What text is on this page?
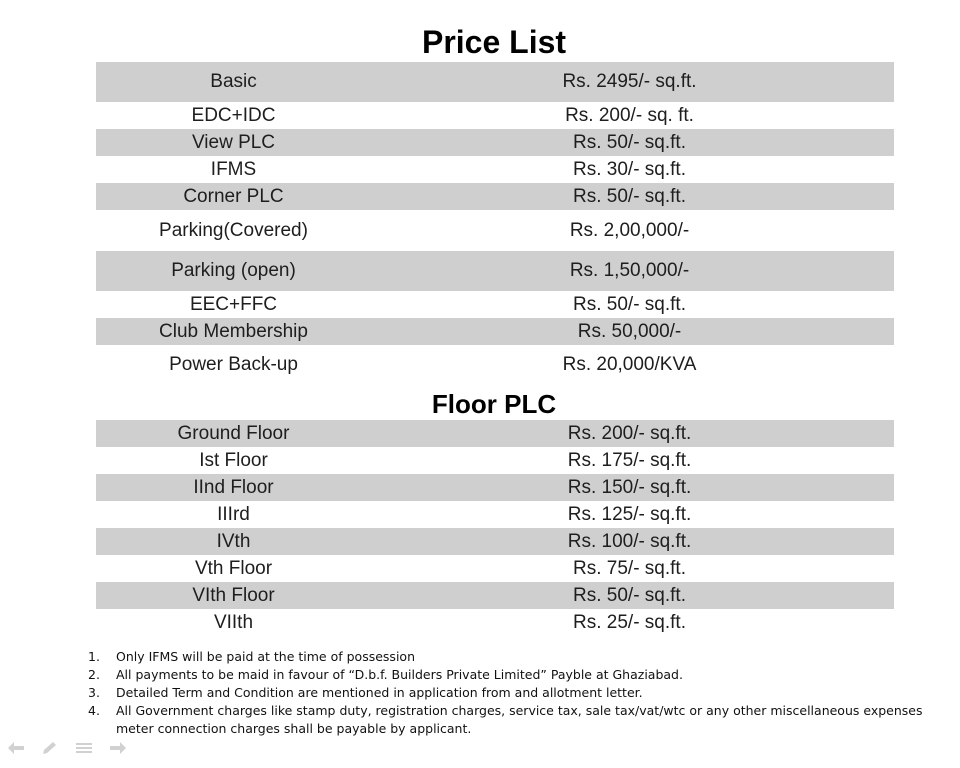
Price List
Basic	Rs. 2495/- sq.ft.
EDC+IDC	Rs. 200/- sq. ft.
View PLC	Rs. 50/- sq.ft.
IFMS	Rs. 30/- sq.ft.
Corner PLC	Rs. 50/- sq.ft.
Parking(Covered)	Rs. 2,00,000/-
Parking (open)	Rs. 1,50,000/-
EEC+FFC	Rs. 50/- sq.ft.
Club Membership	Rs. 50,000/-
Power Back-up	Rs. 20,000/KVA
Floor PLC
Ground Floor	Rs. 200/- sq.ft.
Ist Floor	Rs. 175/- sq.ft.
IInd Floor	Rs. 150/- sq.ft.
IIIrd	Rs. 125/- sq.ft.
IVth	Rs. 100/- sq.ft.
Vth Floor	Rs. 75/- sq.ft.
VIth Floor	Rs. 50/- sq.ft.
VIIth	Rs. 25/- sq.ft.
1.	Only IFMS will be paid at the time of possession
2.	All payments to be maid in favour of “D.b.f. Builders Private Limited” Payble at Ghaziabad.
3.	Detailed Term and Condition are mentioned in application from and allotment letter.
4.	All Government charges like stamp duty, registration charges, service tax, sale tax/vat/wtc or any other miscellaneous expenses meter connection charges shall be payable by applicant.
